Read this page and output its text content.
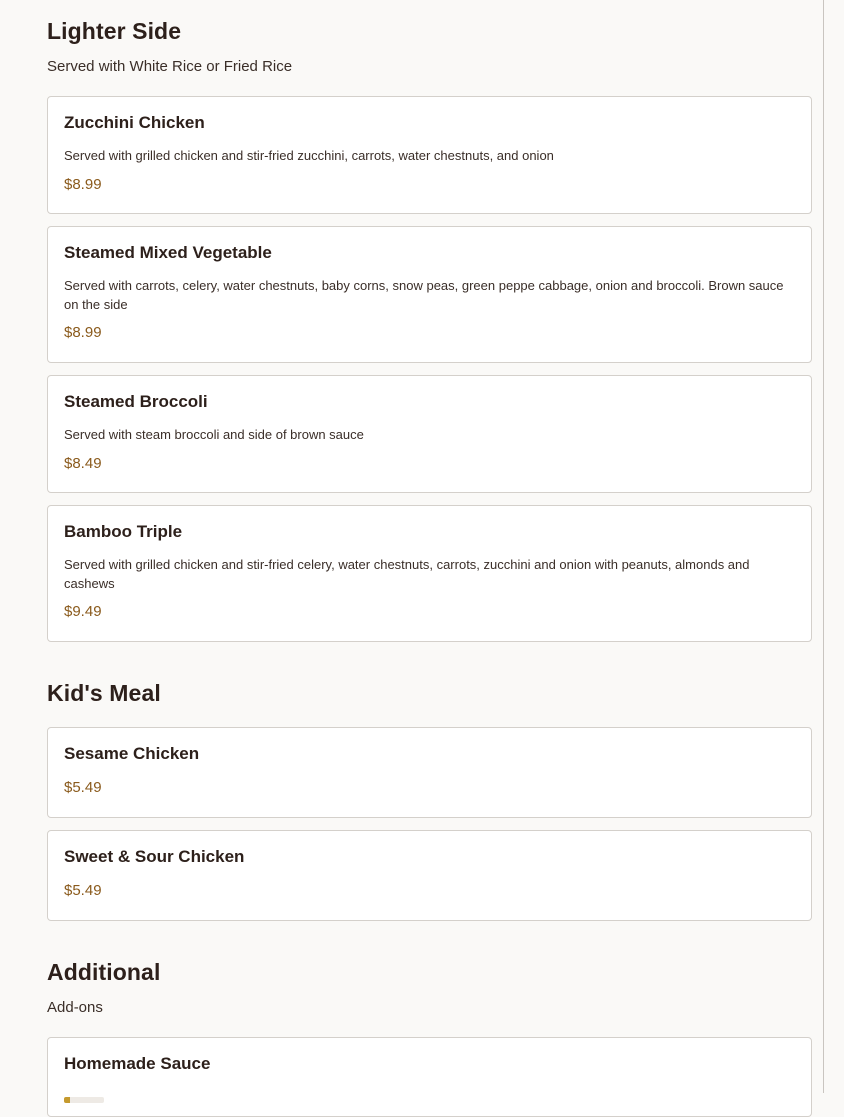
Lighter Side

Served with White Rice or Fried Rice

Zucchini Chicken
Served with grilled chicken and stir-fried zucchini, carrots, water chestnuts, and onion
$8.99
Steamed Mixed Vegetable
Served with carrots, celery, water chestnuts, baby corns, snow peas, green peppe cabbage, onion and broccoli. Brown sauce on the side
$8.99
Steamed Broccoli
Served with steam broccoli and side of brown sauce
$8.49
Bamboo Triple
Served with grilled chicken and stir-fried celery, water chestnuts, carrots, zucchini and onion with peanuts, almonds and cashews
$9.49
Kid's Meal
Sesame Chicken
$5.49
Sweet & Sour Chicken
$5.49
Additional

Add-ons

Homemade Sauce
